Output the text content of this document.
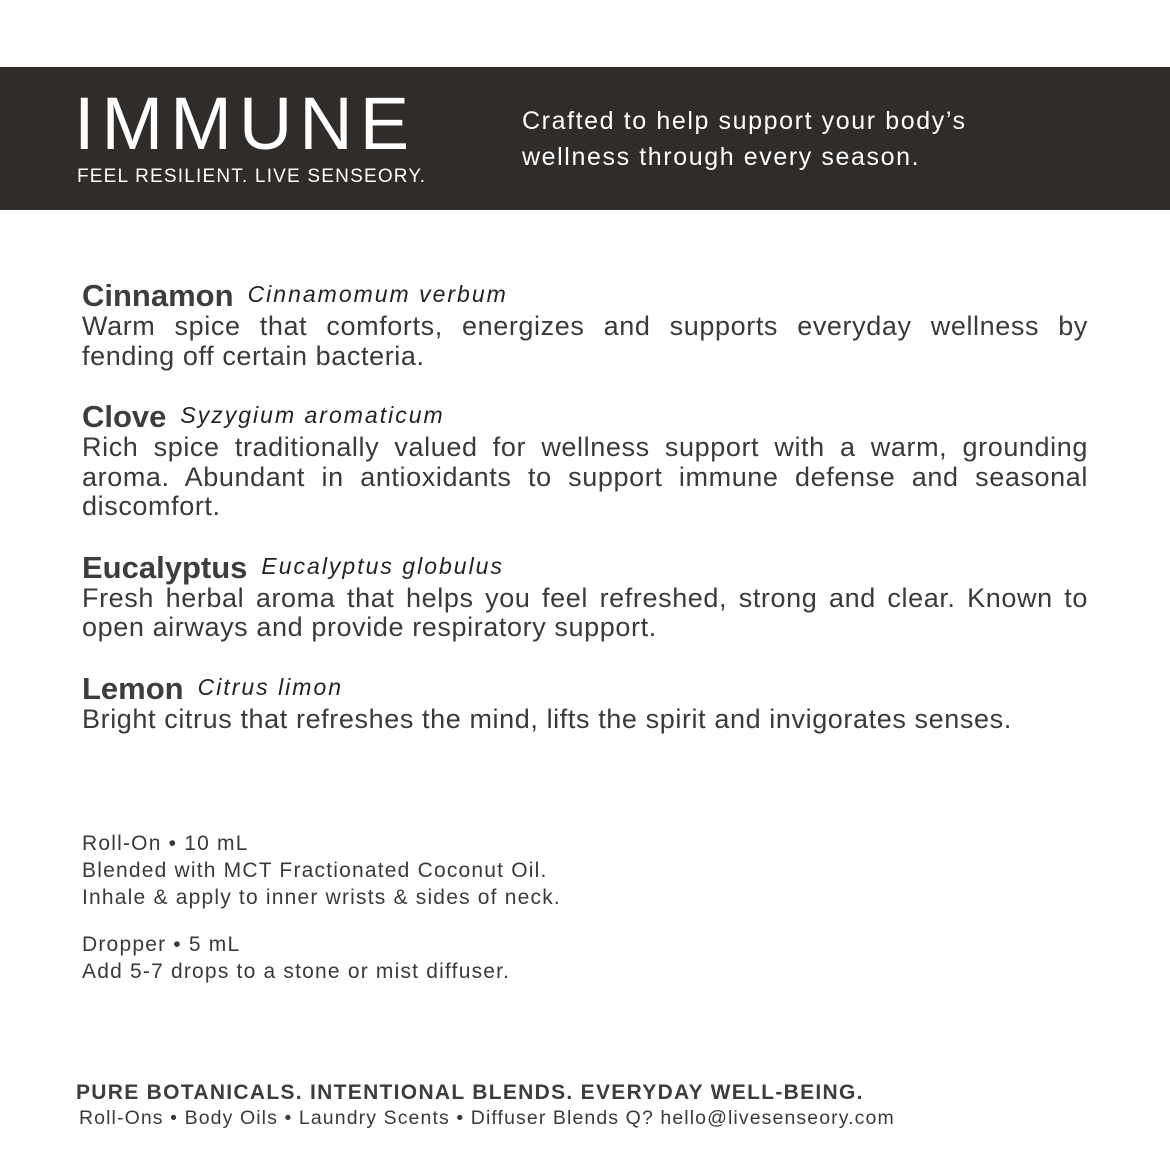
IMMUNE
FEEL RESILIENT. LIVE SENSEORY.
Crafted to help support your body’s wellness through every season.
Cinnamon Cinnamomum verbum
Warm spice that comforts, energizes and supports everyday wellness by fending off certain bacteria.
Clove Syzygium aromaticum
Rich spice traditionally valued for wellness support with a warm, grounding aroma. Abundant in antioxidants to support immune defense and seasonal discomfort.
Eucalyptus Eucalyptus globulus
Fresh herbal aroma that helps you feel refreshed, strong and clear. Known to open airways and provide respiratory support.
Lemon Citrus limon
Bright citrus that refreshes the mind, lifts the spirit and invigorates senses.
Roll-On • 10 mL
Blended with MCT Fractionated Coconut Oil.
Inhale & apply to inner wrists & sides of neck.
Dropper • 5 mL
Add 5-7 drops to a stone or mist diffuser.
PURE BOTANICALS. INTENTIONAL BLENDS. EVERYDAY WELL-BEING.
Roll-Ons • Body Oils • Laundry Scents • Diffuser Blends Q? hello@livesenseory.com
